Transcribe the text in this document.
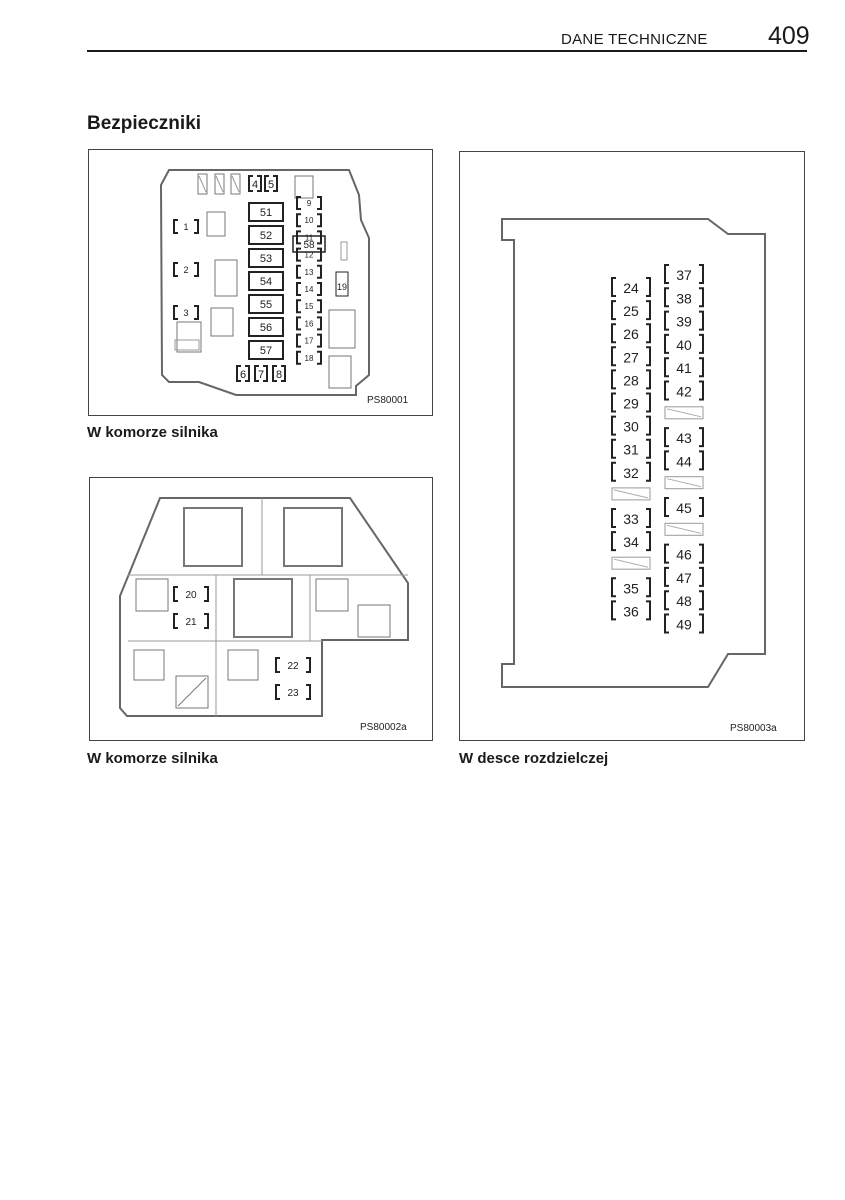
DANE TECHNICZNE 409
Bezpieczniki
1
2
3
4 5
6 7 8
51
52
53
54
55
56
57
58
9
10
11
12
13
14
15
16
17
18
19
PS80001
W komorze silnika
20
21
22
23
PS80002a
W komorze silnika
24
25
26
27
28
29
30
31
32
33
34
35
36
37
38
39
40
41
42
43
44
45
46
47
48
49
PS80003a
W desce rozdzielczej
